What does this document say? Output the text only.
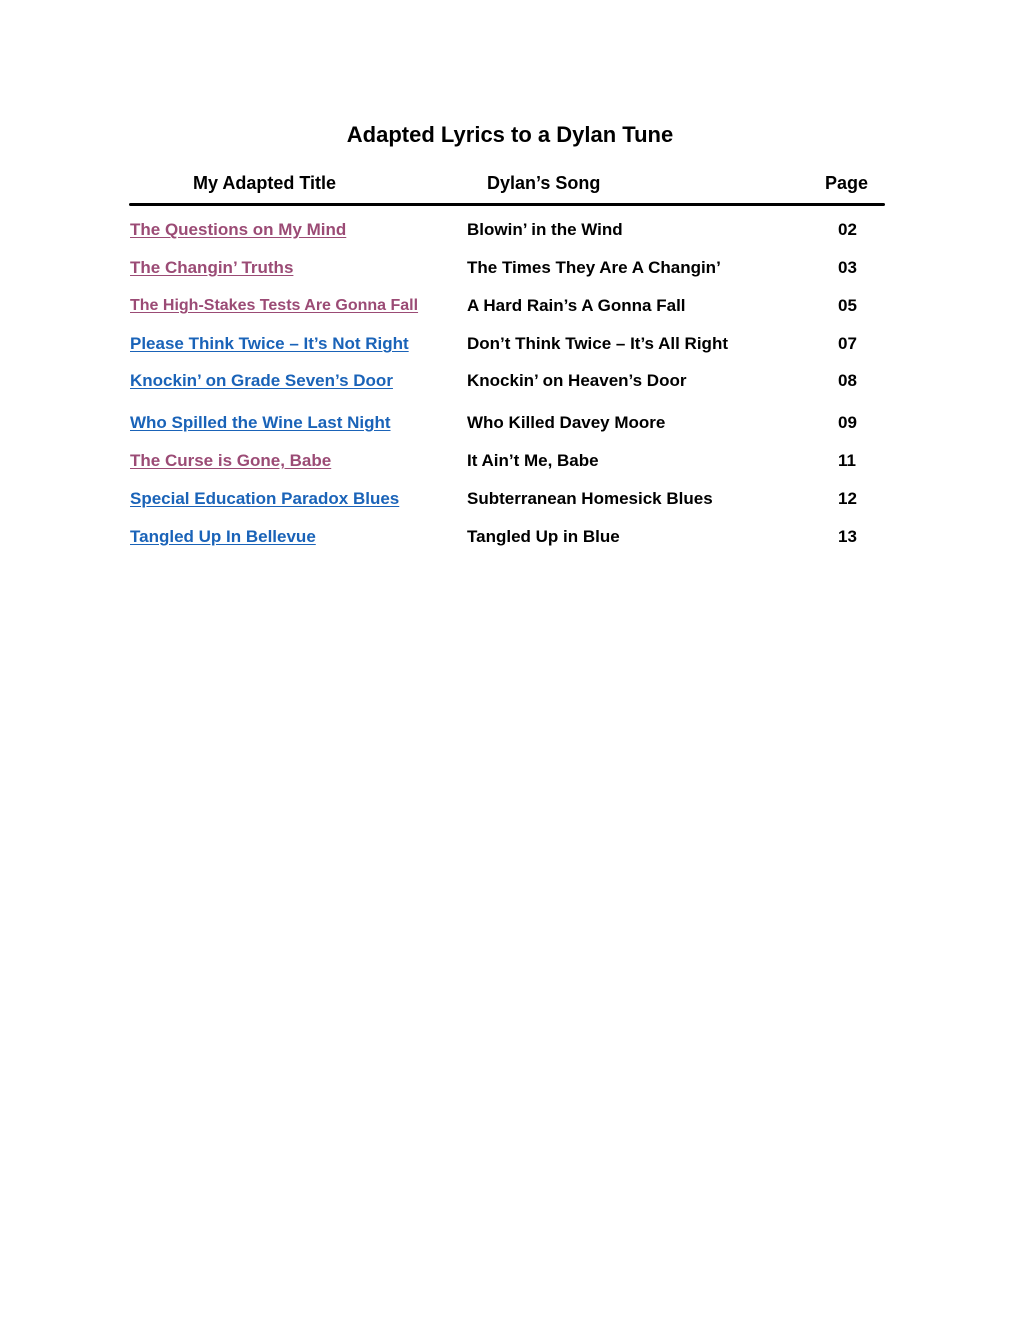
Adapted Lyrics to a Dylan Tune
My Adapted Title	Dylan’s Song	Page
The Questions on My Mind	Blowin’ in the Wind	02
The Changin’ Truths	The Times They Are A Changin’	03
The High-Stakes Tests Are Gonna Fall	A Hard Rain’s A Gonna Fall	05
Please Think Twice – It’s Not Right	Don’t Think Twice – It’s All Right	07
Knockin’ on Grade Seven’s Door	Knockin’ on Heaven’s Door	08
Who Spilled the Wine Last Night	Who Killed Davey Moore	09
The Curse is Gone, Babe	It Ain’t Me, Babe	11
Special Education Paradox Blues	Subterranean Homesick Blues	12
Tangled Up In Bellevue	Tangled Up in Blue	13
